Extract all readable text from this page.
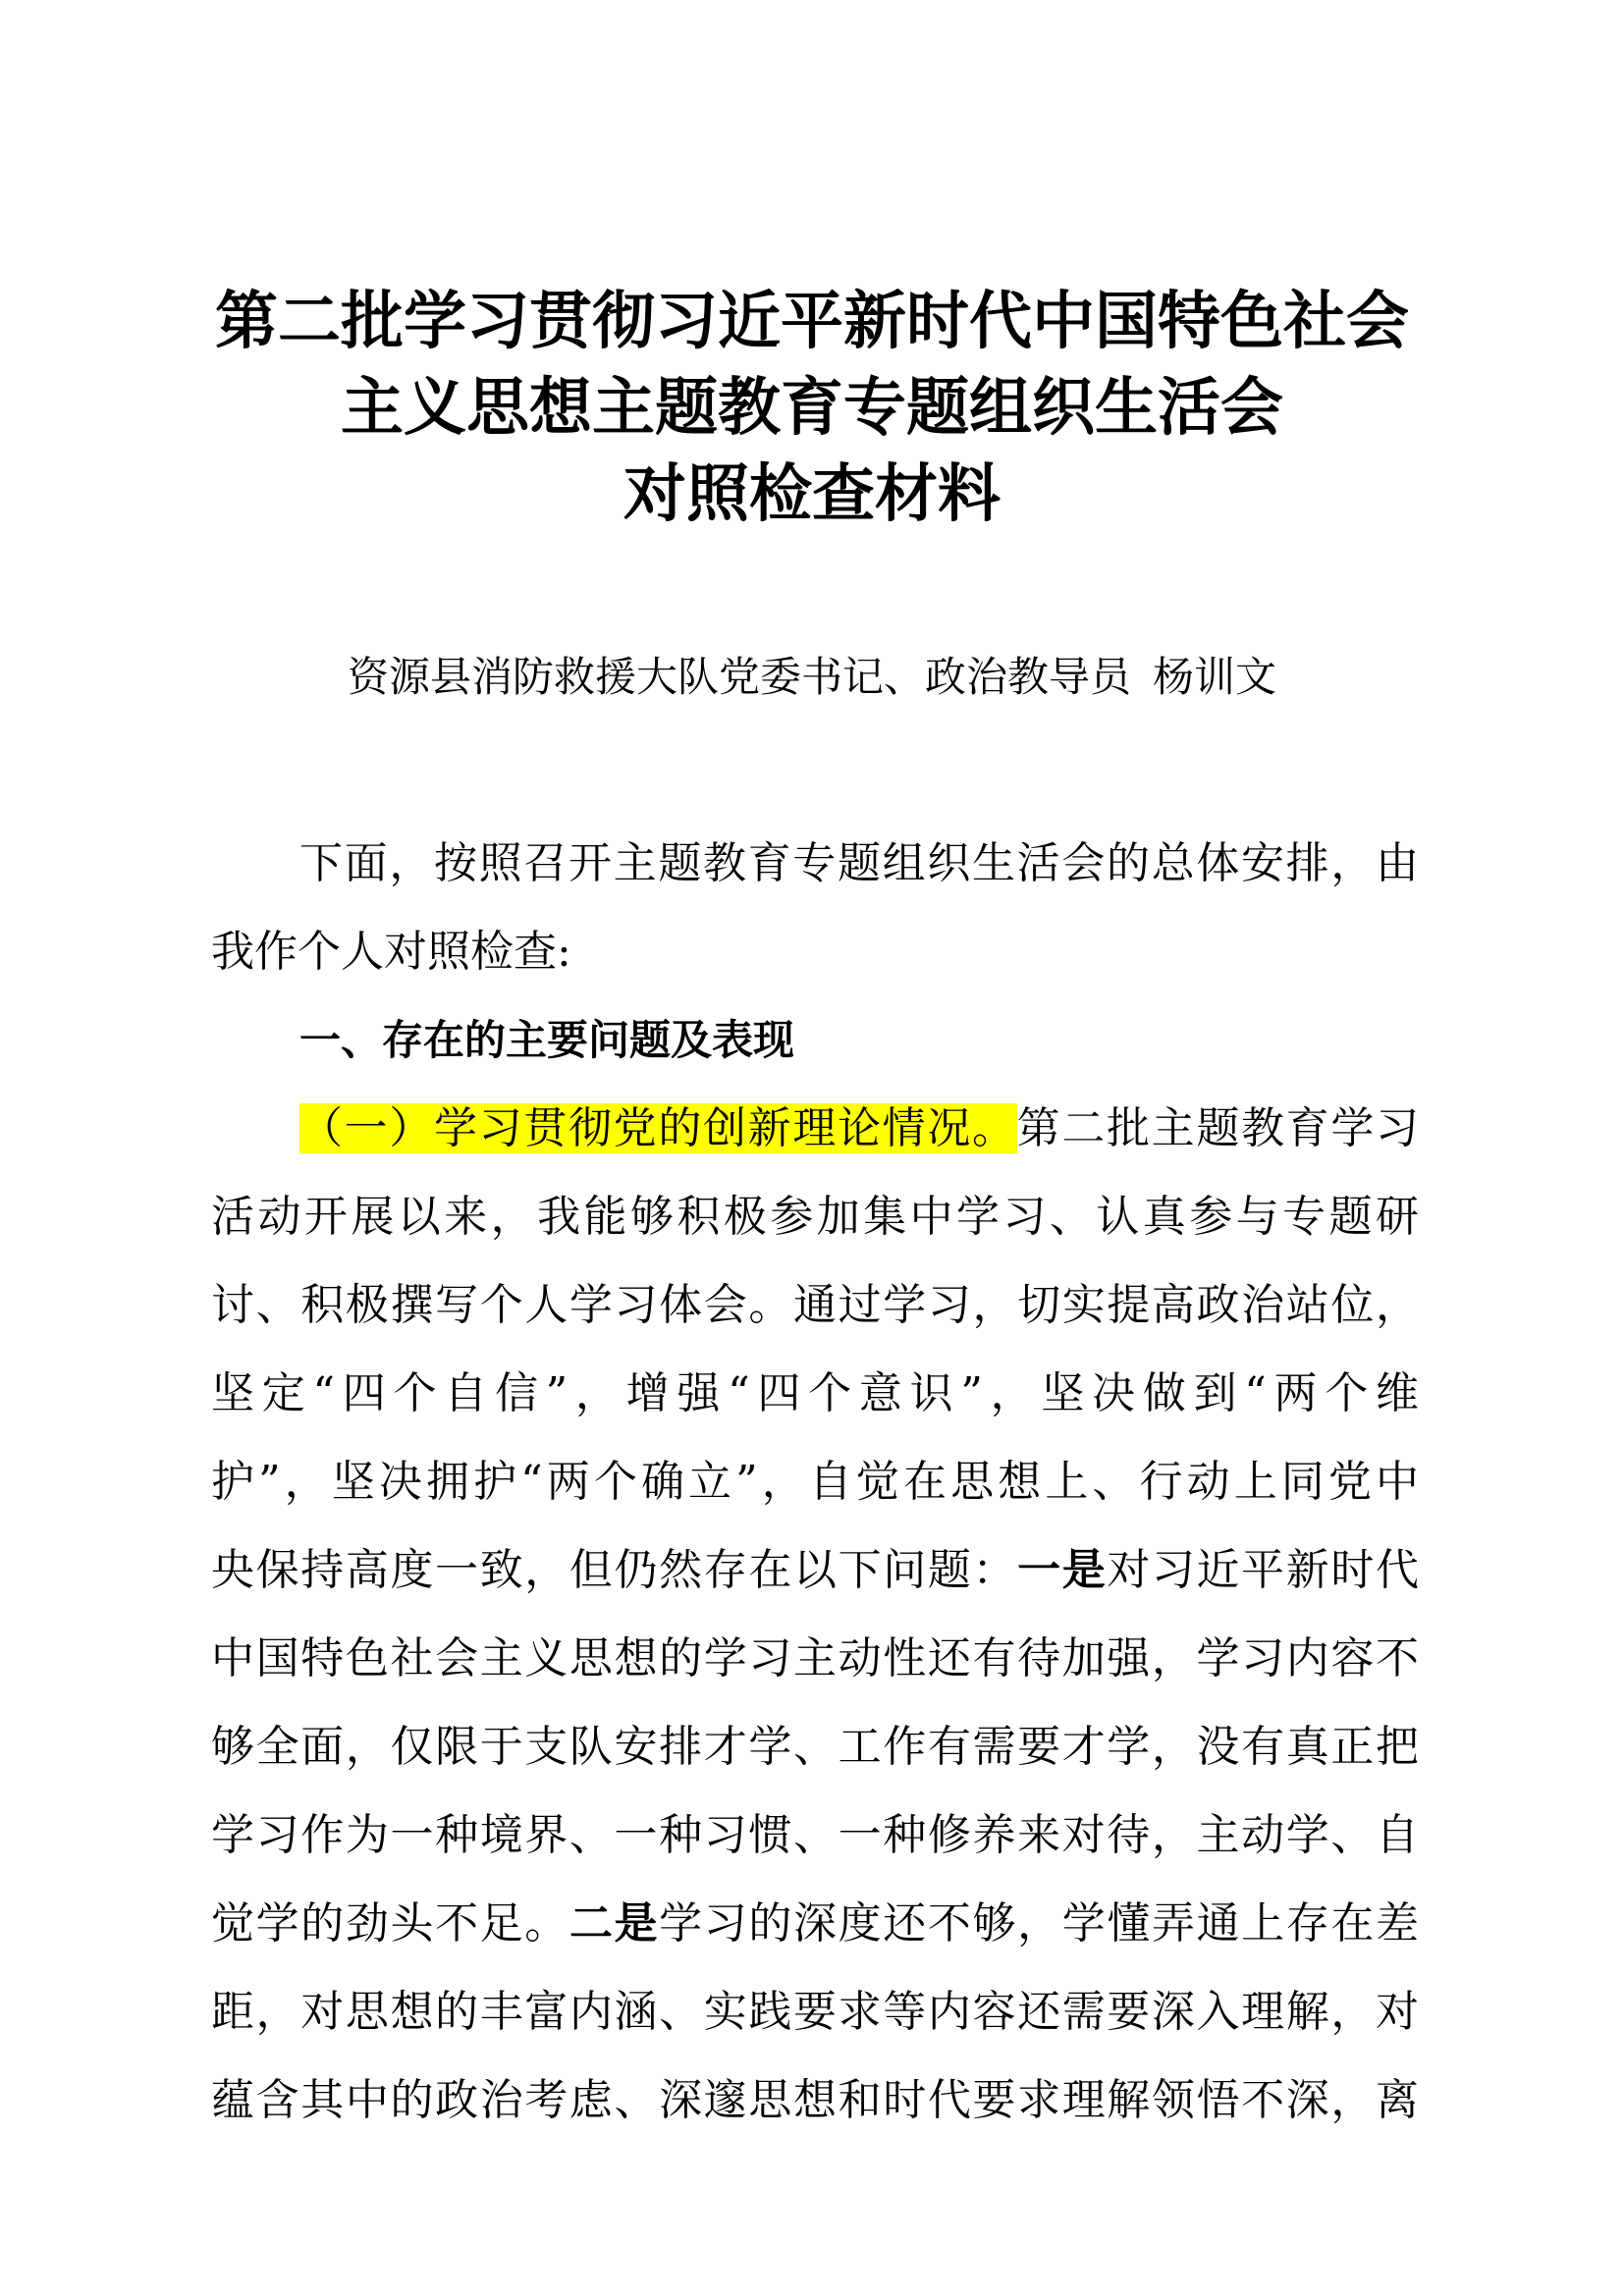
第二批学习贯彻习近平新时代中国特色社会
主义思想主题教育专题组织生活会
对照检查材料
资源县消防救援大队党委书记、政治教导员 杨训文
下面，按照召开主题教育专题组织生活会的总体安排，由
我作个人对照检查:
一、存在的主要问题及表现
（一）学习贯彻党的创新理论情况。第二批主题教育学习
活动开展以来，我能够积极参加集中学习、认真参与专题研
讨、积极撰写个人学习体会。通过学习，切实提高政治站位，
坚定“四个自信”，增强“四个意识”，坚决做到“两个维
护”，坚决拥护“两个确立”，自觉在思想上、行动上同党中
央保持高度一致，但仍然存在以下问题：一是对习近平新时代
中国特色社会主义思想的学习主动性还有待加强，学习内容不
够全面，仅限于支队安排才学、工作有需要才学，没有真正把
学习作为一种境界、一种习惯、一种修养来对待，主动学、自
觉学的劲头不足。二是学习的深度还不够，学懂弄通上存在差
距，对思想的丰富内涵、实践要求等内容还需要深入理解，对
蕴含其中的政治考虑、深邃思想和时代要求理解领悟不深，离
